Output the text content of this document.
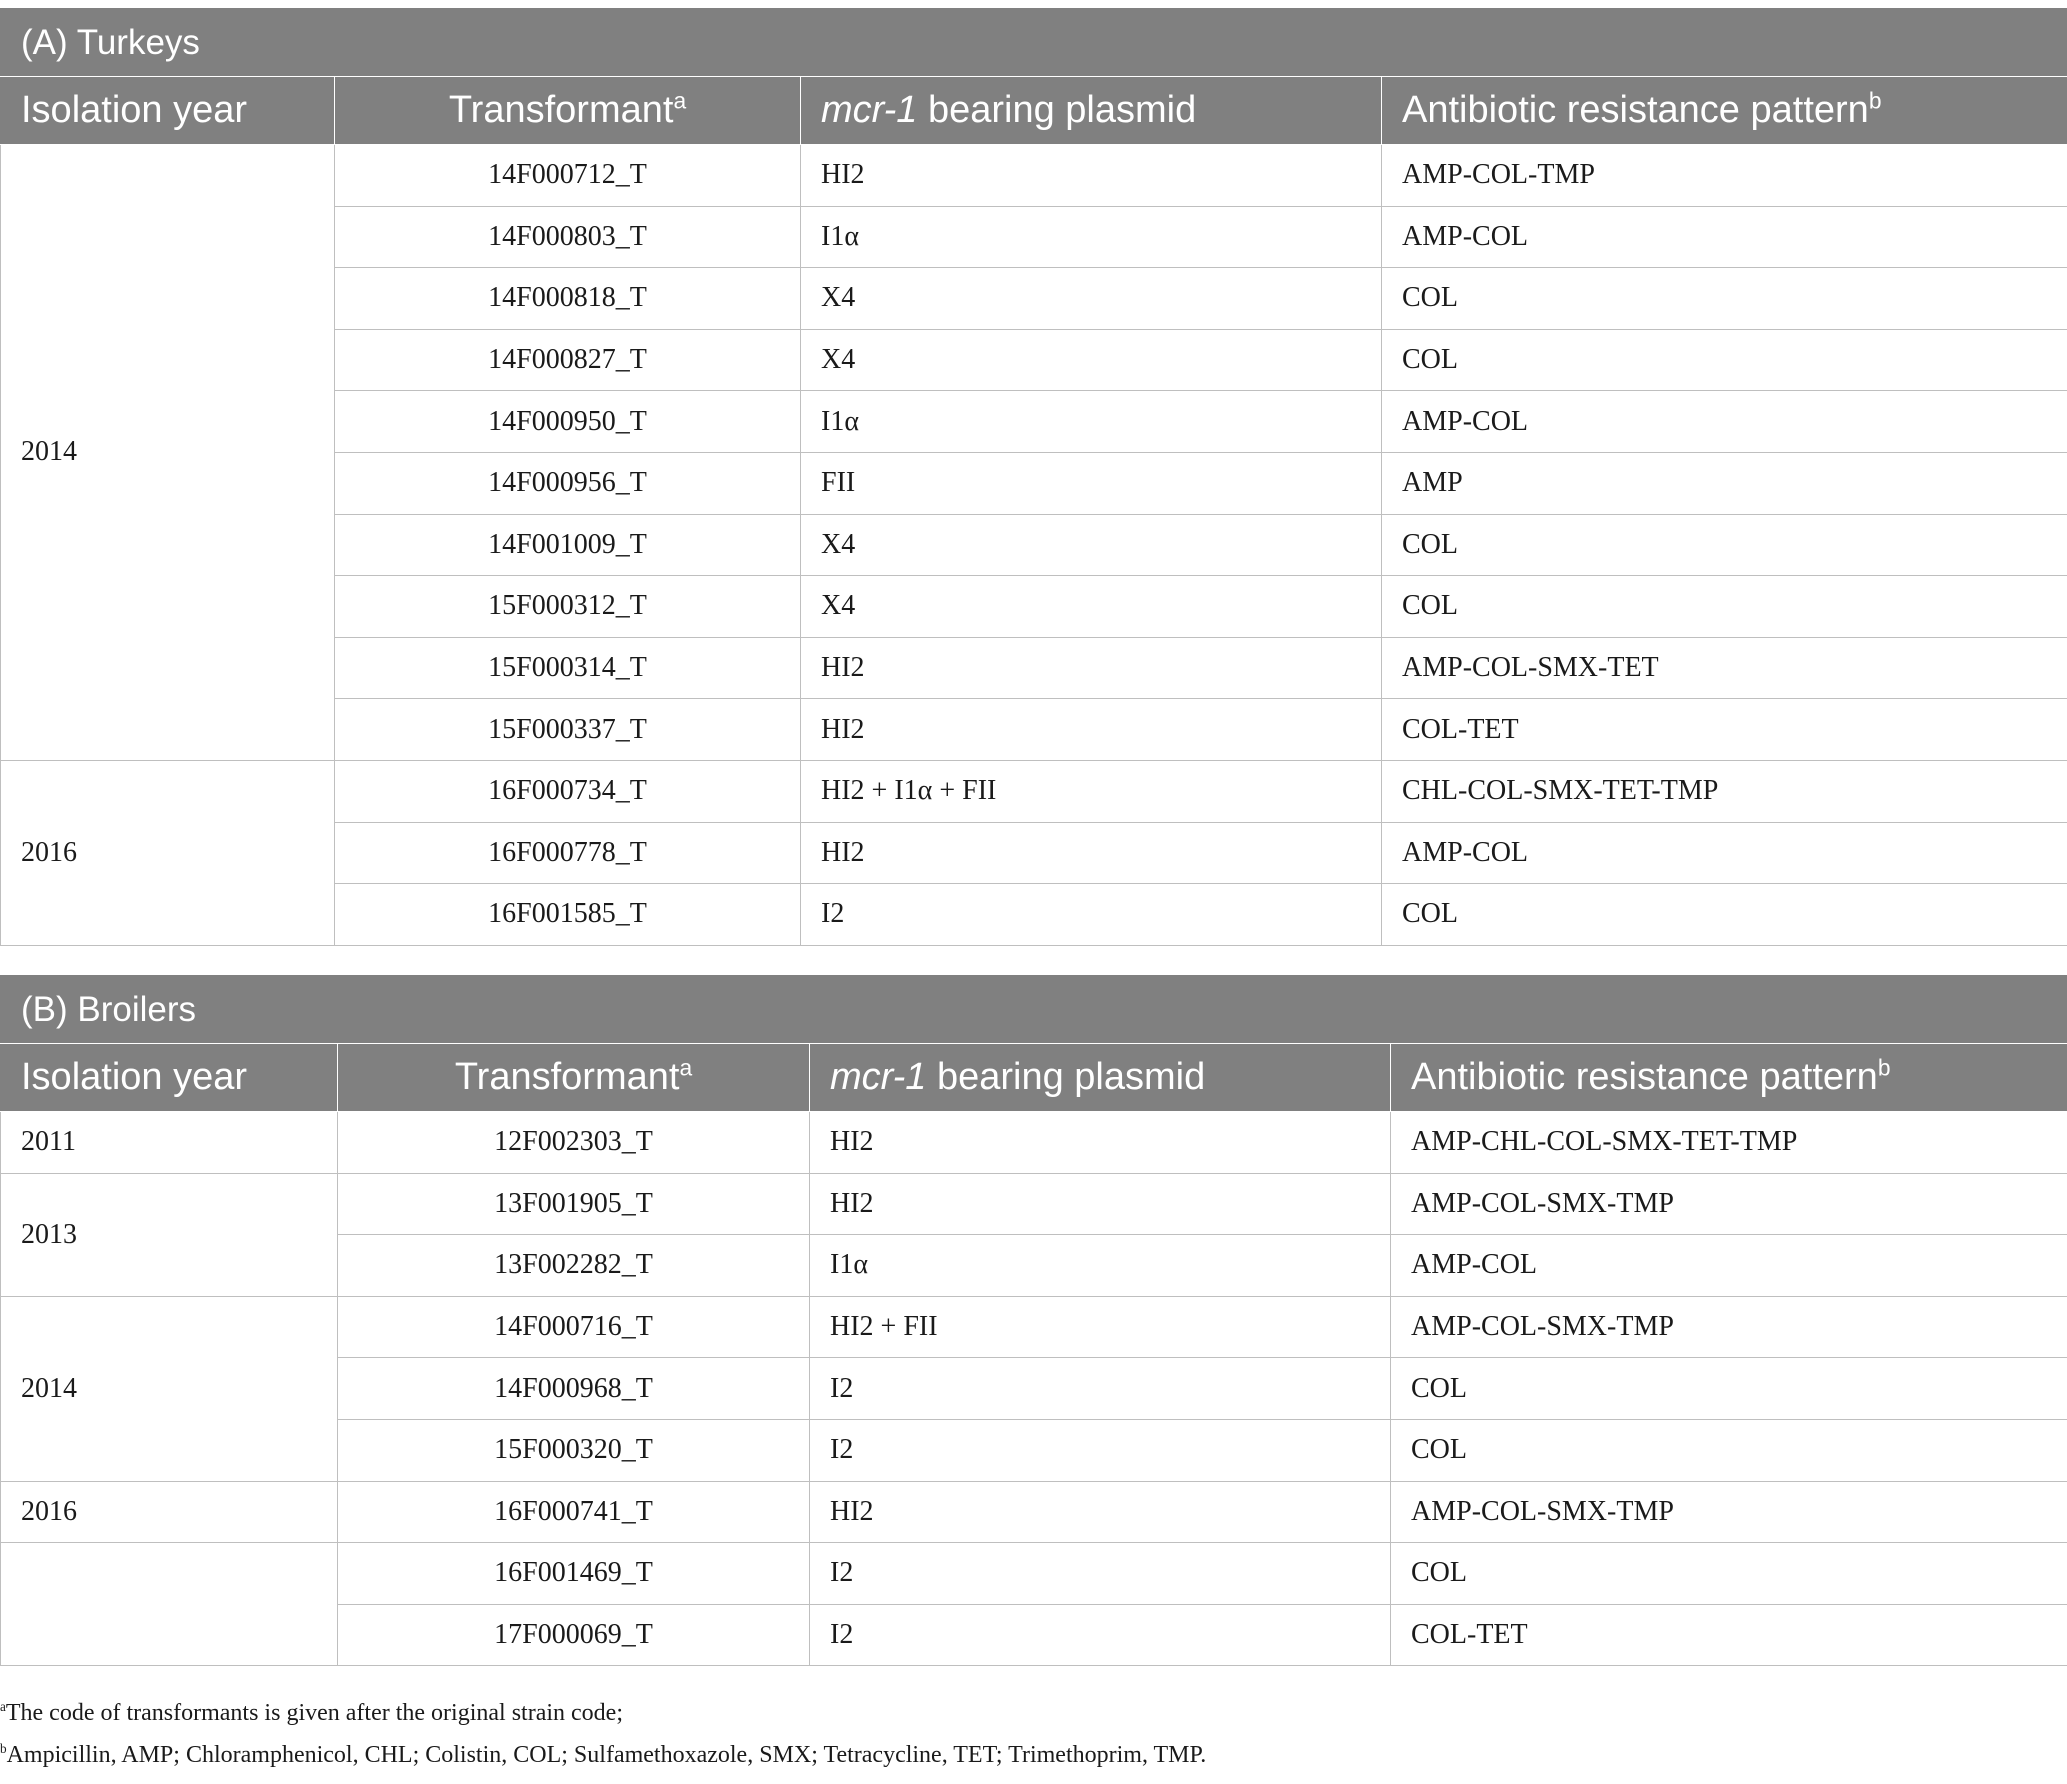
(A) Turkeys			
Isolation year	Transformant$^a$	mcr-1 bearing plasmid	Antibiotic resistance pattern$^b$
2014	14F000712_T	HI2	AMP-COL-TMP
	14F000803_T	I1α	AMP-COL
	14F000818_T	X4	COL
	14F000827_T	X4	COL
	14F000950_T	I1α	AMP-COL
	14F000956_T	FII	AMP
	14F001009_T	X4	COL
	15F000312_T	X4	COL
	15F000314_T	HI2	AMP-COL-SMX-TET
	15F000337_T	HI2	COL-TET
2016	16F000734_T	HI2 + I1α + FII	CHL-COL-SMX-TET-TMP
	16F000778_T	HI2	AMP-COL
	16F001585_T	I2	COL
(B) Broilers			
Isolation year	Transformant$^a$	mcr-1 bearing plasmid	Antibiotic resistance pattern$^b$
2011	12F002303_T	HI2	AMP-CHL-COL-SMX-TET-TMP
2013	13F001905_T	HI2	AMP-COL-SMX-TMP
	13F002282_T	I1α	AMP-COL
2014	14F000716_T	HI2 + FII	AMP-COL-SMX-TMP
	14F000968_T	I2	COL
	15F000320_T	I2	COL
2016	16F000741_T	HI2	AMP-COL-SMX-TMP
	16F001469_T	I2	COL
	17F000069_T	I2	COL-TET
$^a$The code of transformants is given after the original strain code;
$^b$Ampicillin, AMP; Chloramphenicol, CHL; Colistin, COL; Sulfamethoxazole, SMX; Tetracycline, TET; Trimethoprim, TMP.
